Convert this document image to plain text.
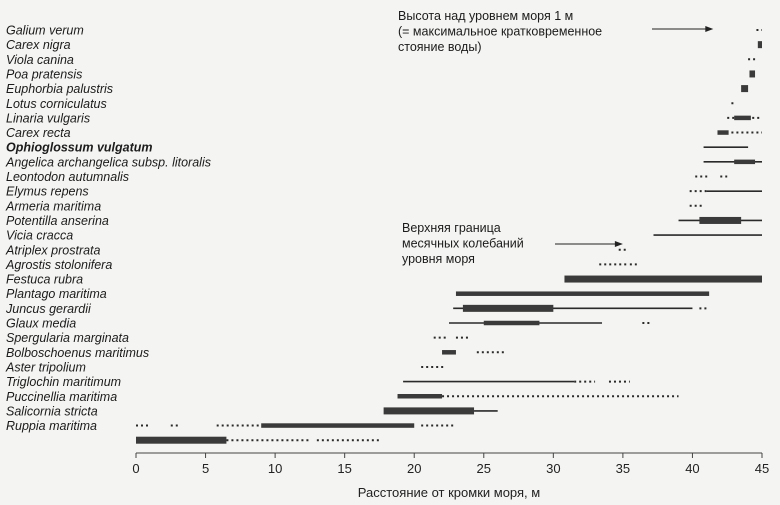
Galium verum
Carex nigra
Viola canina
Poa pratensis
Euphorbia palustris
Lotus corniculatus
Linaria vulgaris
Carex recta
Ophioglossum vulgatum
Angelica archangelica subsp. litoralis
Leontodon autumnalis
Elymus repens
Armeria maritima
Potentilla anserina
Vicia cracca
Atriplex prostrata
Agrostis stolonifera
Festuca rubra
Plantago maritima
Juncus gerardii
Glaux media
Spergularia marginata
Bolboschoenus maritimus
Aster tripolium
Triglochin maritimum
Puccinellia maritima
Salicornia stricta
Ruppia maritima
0	5	10	15	20	25	30	35	40	45
Расстояние от кромки моря, м
Высота над уровнем моря 1 м
(= максимальное кратковременное
стояние воды)
Верхняя граница
месячных колебаний
уровня моря
